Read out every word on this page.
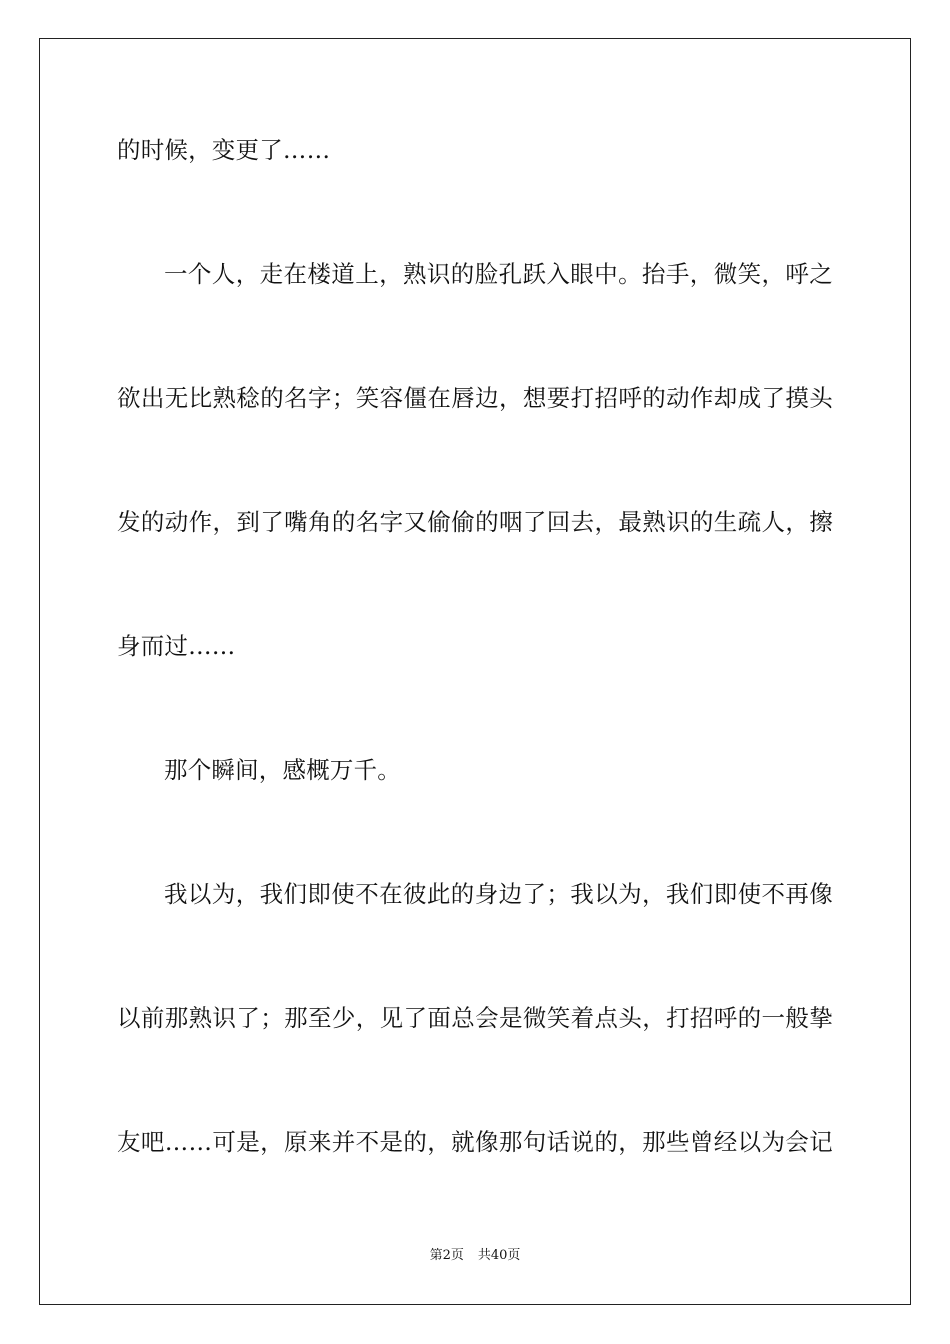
的时候，变更了……
一个人，走在楼道上，熟识的脸孔跃入眼中。抬手，微笑，呼之
欲出无比熟稔的名字；笑容僵在唇边，想要打招呼的动作却成了摸头
发的动作，到了嘴角的名字又偷偷的咽了回去，最熟识的生疏人，擦
身而过……
那个瞬间，感概万千。
我以为，我们即使不在彼此的身边了；我以为，我们即使不再像
以前那熟识了；那至少，见了面总会是微笑着点头，打招呼的一般挚
友吧……可是，原来并不是的，就像那句话说的，那些曾经以为会记
第2页 共40页
